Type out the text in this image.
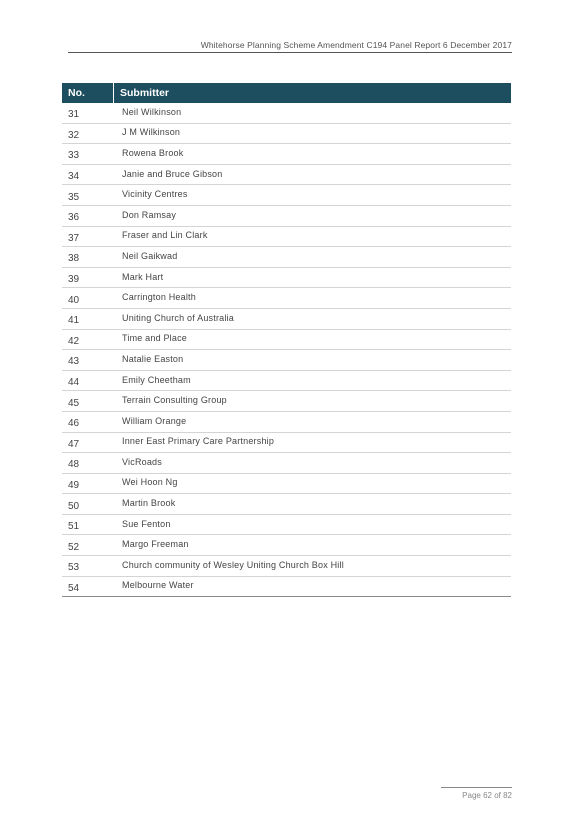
Whitehorse Planning Scheme Amendment C194 Panel Report 6 December 2017
No.	Submitter
31	Neil Wilkinson
32	J M Wilkinson
33	Rowena Brook
34	Janie and Bruce Gibson
35	Vicinity Centres
36	Don Ramsay
37	Fraser and Lin Clark
38	Neil Gaikwad
39	Mark Hart
40	Carrington Health
41	Uniting Church of Australia
42	Time and Place
43	Natalie Easton
44	Emily Cheetham
45	Terrain Consulting Group
46	William Orange
47	Inner East Primary Care Partnership
48	VicRoads
49	Wei Hoon Ng
50	Martin Brook
51	Sue Fenton
52	Margo Freeman
53	Church community of Wesley Uniting Church Box Hill
54	Melbourne Water
Page 62 of 82
